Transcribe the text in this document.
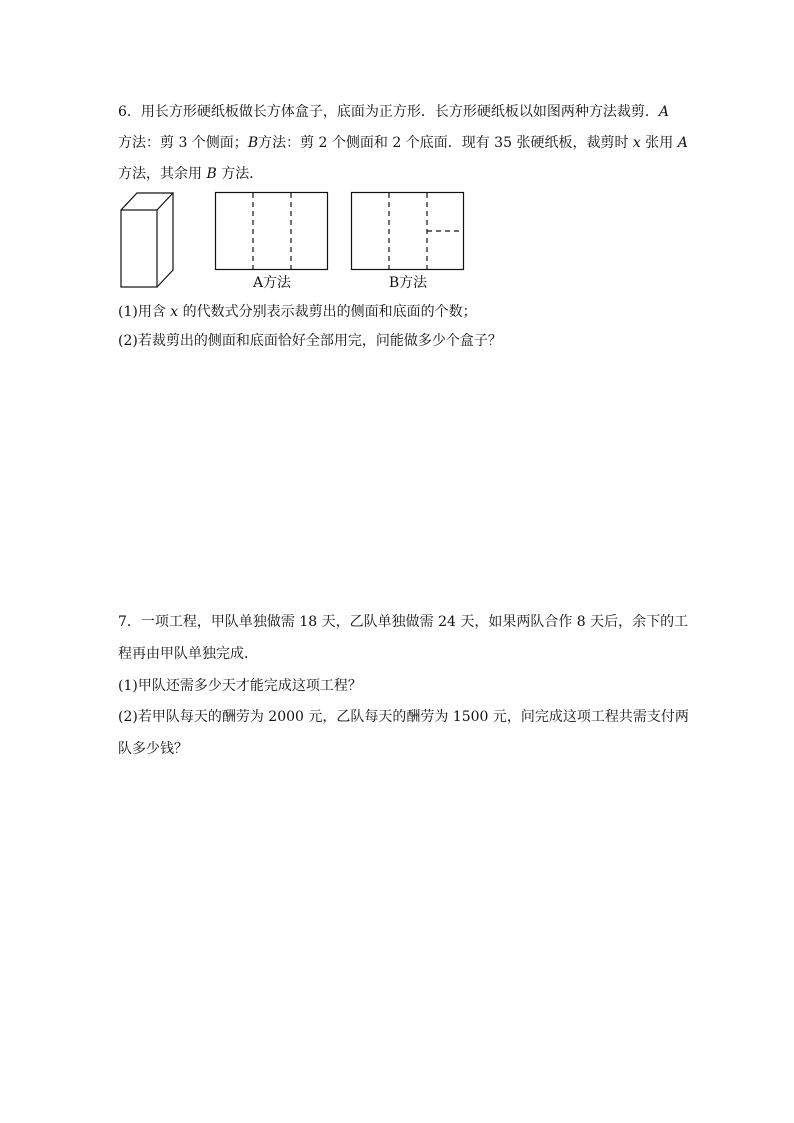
6．用长方形硬纸板做长方体盒子，底面为正方形．长方形硬纸板以如图两种方法裁剪．A
方法：剪 3 个侧面；B方法：剪 2 个侧面和 2 个底面．现有 35 张硬纸板，裁剪时 x 张用 A
方法，其余用 B 方法．
A方法	B方法
(1)用含 x 的代数式分别表示裁剪出的侧面和底面的个数；
(2)若裁剪出的侧面和底面恰好全部用完，问能做多少个盒子？
7．一项工程，甲队单独做需 18 天，乙队单独做需 24 天，如果两队合作 8 天后，余下的工
程再由甲队单独完成．
(1)甲队还需多少天才能完成这项工程？
(2)若甲队每天的酬劳为 2000 元，乙队每天的酬劳为 1500 元，问完成这项工程共需支付两
队多少钱？
